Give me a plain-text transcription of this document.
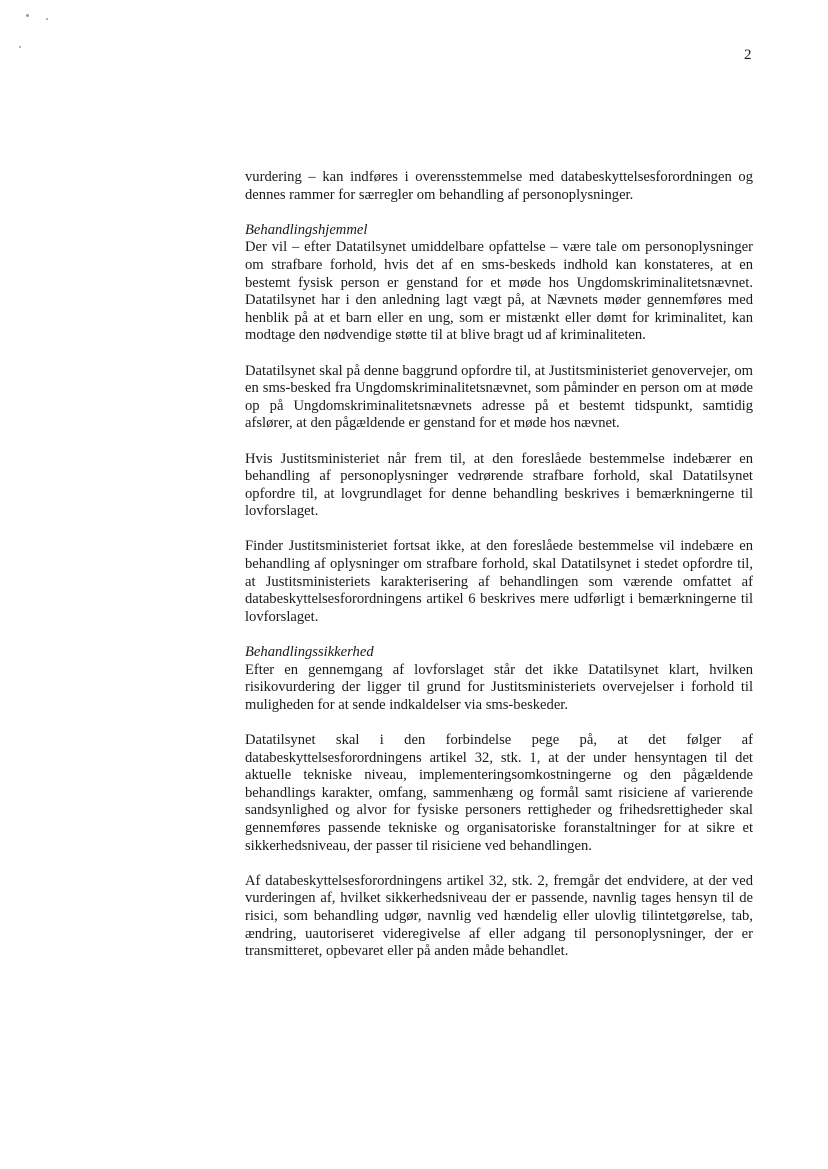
2

vurdering – kan indføres i overensstemmelse med databeskyttelsesforordningen og dennes rammer for særregler om behandling af personoplysninger.

Behandlingshjemmel

Der vil – efter Datatilsynet umiddelbare opfattelse – være tale om personoplysninger om strafbare forhold, hvis det af en sms-beskeds indhold kan konstateres, at en bestemt fysisk person er genstand for et møde hos Ungdomskriminalitetsnævnet. Datatilsynet har i den anledning lagt vægt på, at Nævnets møder gennemføres med henblik på at et barn eller en ung, som er mistænkt eller dømt for kriminalitet, kan modtage den nødvendige støtte til at blive bragt ud af kriminaliteten.

Datatilsynet skal på denne baggrund opfordre til, at Justitsministeriet genovervejer, om en sms-besked fra Ungdomskriminalitetsnævnet, som påminder en person om at møde op på Ungdomskriminalitetsnævnets adresse på et bestemt tidspunkt, samtidig afslører, at den pågældende er genstand for et møde hos nævnet.

Hvis Justitsministeriet når frem til, at den foreslåede bestemmelse indebærer en behandling af personoplysninger vedrørende strafbare forhold, skal Datatilsynet opfordre til, at lovgrundlaget for denne behandling beskrives i bemærkningerne til lovforslaget.

Finder Justitsministeriet fortsat ikke, at den foreslåede bestemmelse vil indebære en behandling af oplysninger om strafbare forhold, skal Datatilsynet i stedet opfordre til, at Justitsministeriets karakterisering af behandlingen som værende omfattet af databeskyttelsesforordningens artikel 6 beskrives mere udførligt i bemærkningerne til lovforslaget.

Behandlingssikkerhed

Efter en gennemgang af lovforslaget står det ikke Datatilsynet klart, hvilken risikovurdering der ligger til grund for Justitsministeriets overvejelser i forhold til muligheden for at sende indkaldelser via sms-beskeder.

Datatilsynet skal i den forbindelse pege på, at det følger af databeskyttelsesforordningens artikel 32, stk. 1, at der under hensyntagen til det aktuelle tekniske niveau, implementeringsomkostningerne og den pågældende behandlings karakter, omfang, sammenhæng og formål samt risiciene af varierende sandsynlighed og alvor for fysiske personers rettigheder og frihedsrettigheder skal gennemføres passende tekniske og organisatoriske foranstaltninger for at sikre et sikkerhedsniveau, der passer til risiciene ved behandlingen.

Af databeskyttelsesforordningens artikel 32, stk. 2, fremgår det endvidere, at der ved vurderingen af, hvilket sikkerhedsniveau der er passende, navnlig tages hensyn til de risici, som behandling udgør, navnlig ved hændelig eller ulovlig tilintetgørelse, tab, ændring, uautoriseret videregivelse af eller adgang til personoplysninger, der er transmitteret, opbevaret eller på anden måde behandlet.
